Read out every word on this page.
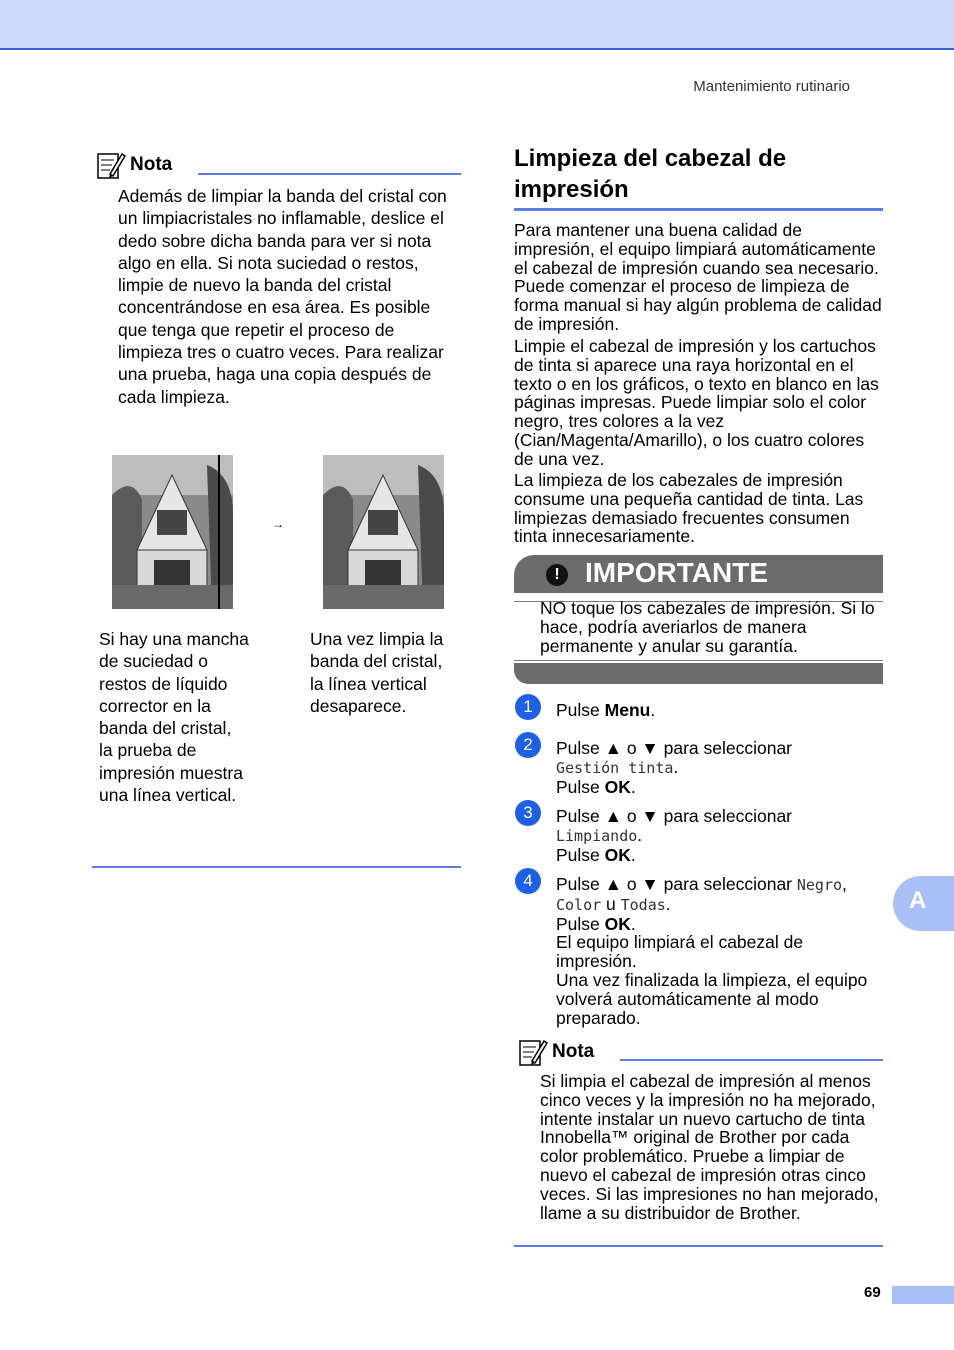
Mantenimiento rutinario
Nota
Además de limpiar la banda del cristal con un limpiacristales no inflamable, deslice el dedo sobre dicha banda para ver si nota algo en ella. Si nota suciedad o restos, limpie de nuevo la banda del cristal concentrándose en esa área. Es posible que tenga que repetir el proceso de limpieza tres o cuatro veces. Para realizar una prueba, haga una copia después de cada limpieza.
→
Si hay una mancha de suciedad o restos de líquido corrector en la banda del cristal, la prueba de impresión muestra una línea vertical.
Una vez limpia la banda del cristal, la línea vertical desaparece.
Limpieza del cabezal de impresión
Para mantener una buena calidad de impresión, el equipo limpiará automáticamente el cabezal de impresión cuando sea necesario. Puede comenzar el proceso de limpieza de forma manual si hay algún problema de calidad de impresión.
Limpie el cabezal de impresión y los cartuchos de tinta si aparece una raya horizontal en el texto o en los gráficos, o texto en blanco en las páginas impresas. Puede limpiar solo el color negro, tres colores a la vez (Cian/Magenta/Amarillo), o los cuatro colores de una vez.
La limpieza de los cabezales de impresión consume una pequeña cantidad de tinta. Las limpiezas demasiado frecuentes consumen tinta innecesariamente.
! IMPORTANTE
NO toque los cabezales de impresión. Si lo hace, podría averiarlos de manera permanente y anular su garantía.
1	Pulse Menu.
2	Pulse ▲ o ▼ para seleccionar
Gestión tinta.
Pulse OK.
3	Pulse ▲ o ▼ para seleccionar
Limpiando.
Pulse OK.
4	Pulse ▲ o ▼ para seleccionar Negro,
Color u Todas.
Pulse OK.
El equipo limpiará el cabezal de impresión.
Una vez finalizada la limpieza, el equipo volverá automáticamente al modo preparado.
Nota
Si limpia el cabezal de impresión al menos cinco veces y la impresión no ha mejorado, intente instalar un nuevo cartucho de tinta Innobella™ original de Brother por cada color problemático. Pruebe a limpiar de nuevo el cabezal de impresión otras cinco veces. Si las impresiones no han mejorado, llame a su distribuidor de Brother.
A
69
